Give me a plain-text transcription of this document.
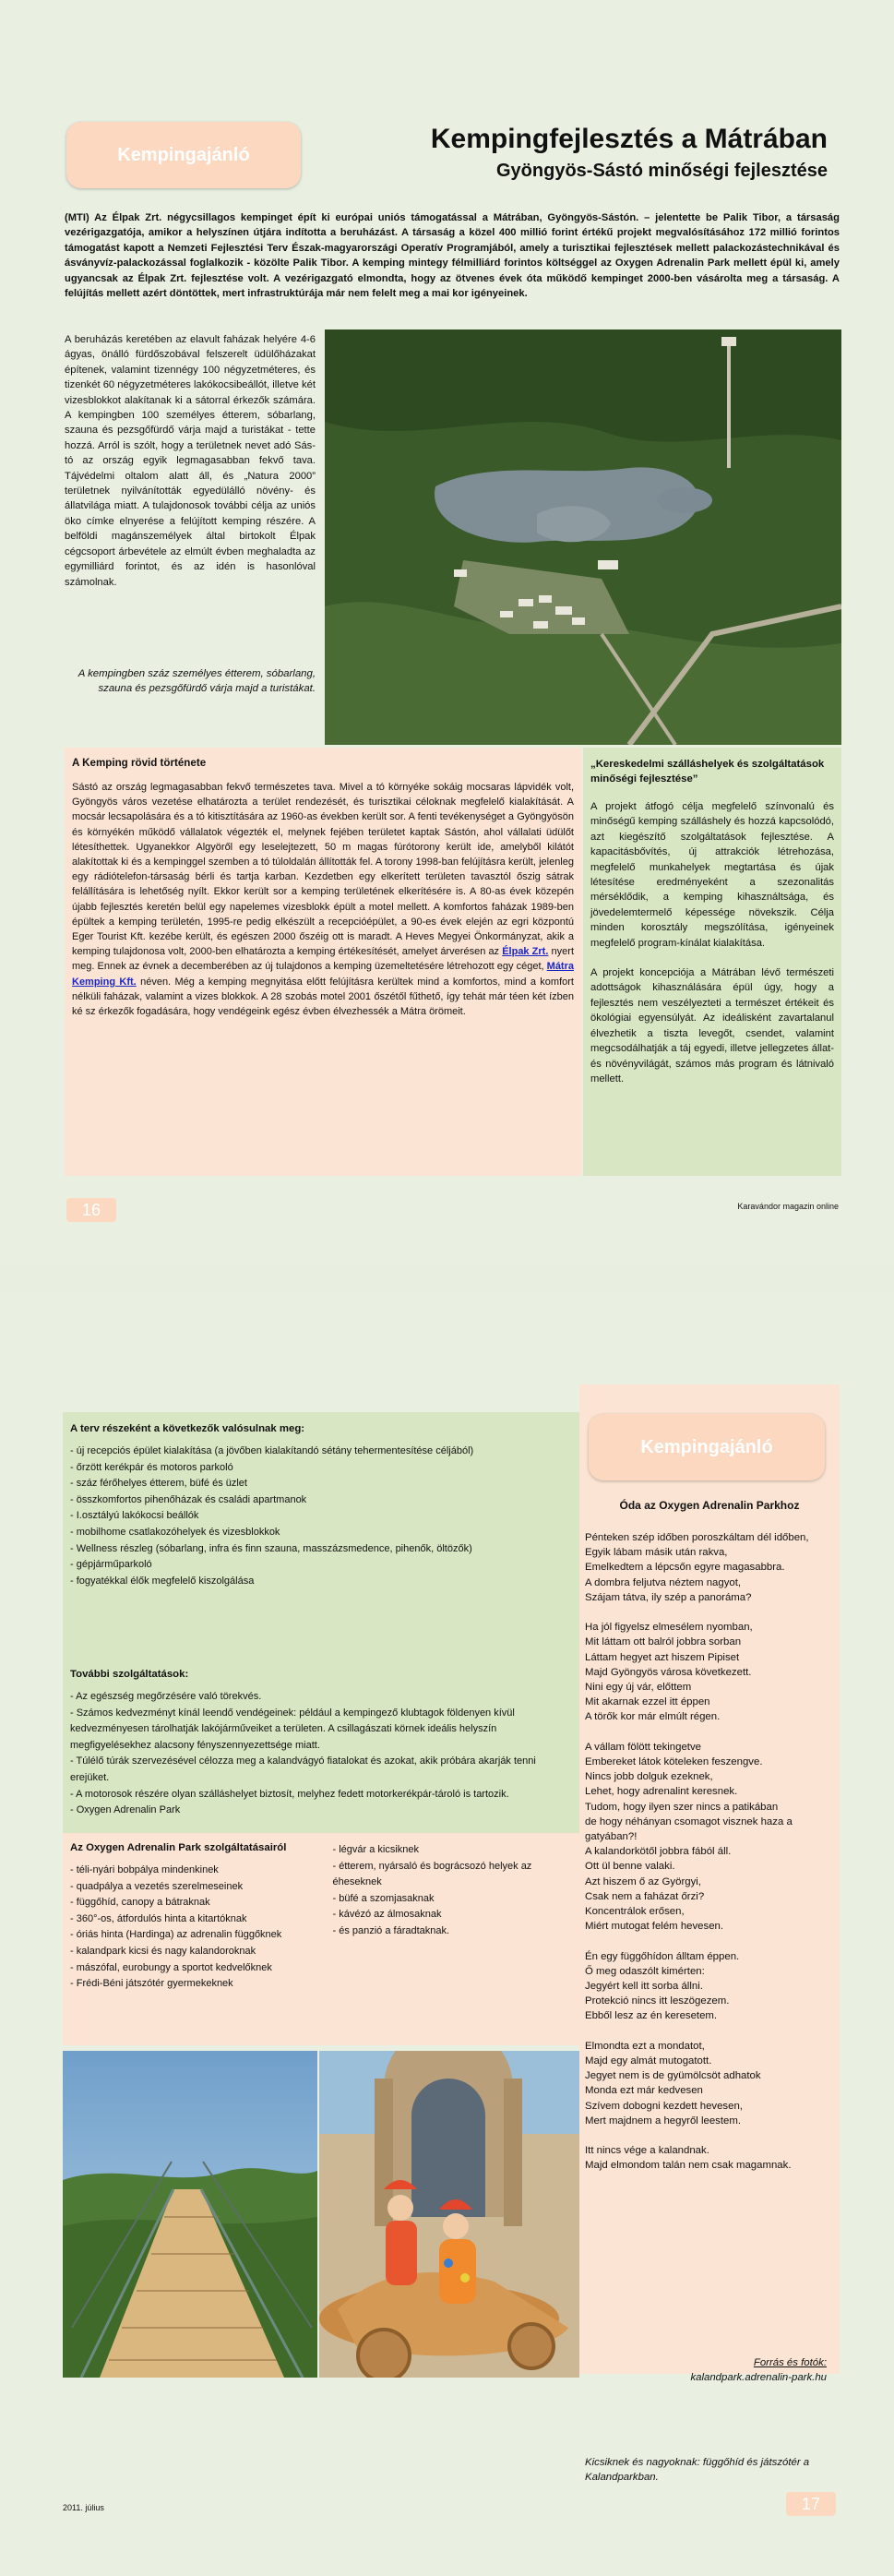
Kempingajánló
Kempingfejlesztés a Mátrában
Gyöngyös-Sástó minőségi fejlesztése

(MTI) Az Élpak Zrt. négycsillagos kempinget épít ki európai uniós támogatással a Mátrában, Gyöngyös-Sástón. – jelentette be Palik Tibor, a társaság vezérigazgatója, amikor a helyszínen útjára indította a beruházást. A társaság a közel 400 millió forint értékű projekt megvalósításához 172 millió forintos támogatást kapott a Nemzeti Fejlesztési Terv Észak-magyarországi Operatív Programjából, amely a turisztikai fejlesztések mellett palackozástechnikával és ásványvíz-palackozással foglalkozik - közölte Palik Tibor. A kemping mintegy félmilliárd forintos költséggel az Oxygen Adrenalin Park mellett épül ki, amely ugyancsak az Élpak Zrt. fejlesztése volt. A vezérigazgató elmondta, hogy az ötvenes évek óta működő kempinget 2000-ben vásárolta meg a társaság. A felújítás mellett azért döntöttek, mert infrastruktúrája már nem felelt meg a mai kor igényeinek.

A beruházás keretében az elavult faházak helyére 4-6 ágyas, önálló fürdőszobával felszerelt üdülőházakat építenek, valamint tizennégy 100 négyzetméteres, és tizenkét 60 négyzetméteres lakókocsibeállót, illetve két vizesblokkot alakítanak ki a sátorral érkezők számára. A kempingben 100 személyes étterem, sóbarlang, szauna és pezsgőfürdő várja majd a turistákat - tette hozzá. Arról is szólt, hogy a területnek nevet adó Sás-tó az ország egyik legmagasabban fekvő tava. Tájvédelmi oltalom alatt áll, és „Natura 2000” területnek nyilvánították egyedülálló növény- és állatvilága miatt. A tulajdonosok további célja az uniós öko címke elnyerése a felújított kemping részére. A belföldi magánszemélyek által birtokolt Élpak cégcsoport árbevétele az elmúlt évben meghaladta az egymilliárd forintot, és az idén is hasonlóval számolnak.
A kempingben száz személyes étterem, sóbarlang, szauna és pezsgőfürdő várja majd a turistákat.
A Kemping rövid története

Sástó az ország legmagasabban fekvő természetes tava. Mivel a tó környéke sokáig mocsaras lápvidék volt, Gyöngyös város vezetése elhatározta a terület rendezését, és turisztikai céloknak megfelelő kialakítását. A mocsár lecsapolására és a tó kitisztítására az 1960-as években került sor. A fenti tevékenységet a Gyöngyösön és környékén működő vállalatok végezték el, melynek fejében területet kaptak Sástón, ahol vállalati üdülőt létesíthettek. Ugyanekkor Algyöről egy leselejtezett, 50 m magas fúrótorony került ide, amelyből kilátót alakítottak ki és a kempinggel szemben a tó túloldalán állították fel. A torony 1998-ban felújításra került, jelenleg egy rádiótelefon-társaság bérli és tartja karban. Kezdetben egy elkerített területen tavasztól őszig sátrak felállítására is lehetőség nyílt. Ekkor került sor a kemping területének elkerítésére is. A 80-as évek közepén újabb fejlesztés keretén belül egy napelemes vizesblokk épült a motel mellett. A komfortos faházak 1989-ben épültek a kemping területén, 1995-re pedig elkészült a recepcióépület, a 90-es évek elején az egri központú Eger Tourist Kft. kezébe került, és egészen 2000 őszéig ott is maradt. A Heves Megyei Önkormányzat, akik a kemping tulajdonosa volt, 2000-ben elhatározta a kemping értékesítését, amelyet árverésen az Élpak Zrt. nyert meg. Ennek az évnek a decemberében az új tulajdonos a kemping üzemeltetésére létrehozott egy céget, Mátra Kemping Kft. néven. Még a kemping megnyitása előtt felújításra kerültek mind a komfortos, mind a komfort nélküli faházak, valamint a vizes blokkok. A 28 szobás motel 2001 őszétől fűthető, így tehát már téen két ízben ké sz érkezők fogadására, hogy vendégeink egész évben élvezhessék a Mátra örömeit.

„Kereskedelmi szálláshelyek és szolgáltatások minőségi fejlesztése”

A projekt átfogó célja megfelelő színvonalú és minőségű kemping szálláshely és hozzá kapcsolódó, azt kiegészítő szolgáltatások fejlesztése. A kapacitásbővítés, új attrakciók létrehozása, megfelelő munkahelyek megtartása és újak létesítése eredményeként a szezonalitás mérséklődik, a kemping kihasználtsága, és jövedelemtermelő képessége növekszik. Célja minden korosztály megszólítása, igényeinek megfelelő program-kínálat kialakítása.

A projekt koncepciója a Mátrában lévő természeti adottságok kihasználására épül úgy, hogy a fejlesztés nem veszélyezteti a természet értékeit és ökológiai egyensúlyát. Az ideálisként zavartalanul élvezhetik a tiszta levegőt, csendet, valamint megcsodálhatják a táj egyedi, illetve jellegzetes állat- és növényvilágát, számos más program és látnivaló mellett.

16	Karavándor magazin online
Kempingajánló
Óda az Oxygen Adrenalin Parkhoz
Pénteken szép időben poroszkáltam dél időben,
Egyik lábam másik után rakva,
Emelkedtem a lépcsőn egyre magasabbra.
A dombra feljutva néztem nagyot,
Szájam tátva, ily szép a panoráma?
Ha jól figyelsz elmesélem nyomban,
Mit láttam ott balról jobbra sorban
Láttam hegyet azt hiszem Pipiset
Majd Gyöngyös városa következett.
Nini egy új vár, előttem
Mit akarnak ezzel itt éppen
A törők kor már elmúlt régen.
A vállam fölött tekingetve
Embereket látok köteleken feszengve.
Nincs jobb dolguk ezeknek,
Lehet, hogy adrenalint keresnek.
Tudom, hogy ilyen szer nincs a patikában
de hogy néhányan csomagot visznek haza a gatyában?!
A kalandorkötől jobbra fából áll.
Ott ül benne valaki.
Azt hiszem ő az Györgyi,
Csak nem a faházat őrzi?
Koncentrálok erősen,
Miért mutogat felém hevesen.
Én egy függőhídon álltam éppen.
Ő meg odaszólt kimérten:
Jegyért kell itt sorba állni.
Protekció nincs itt leszögezem.
Ebből lesz az én keresetem.
Elmondta ezt a mondatot,
Majd egy almát mutogatott.
Jegyet nem is de gyümölcsöt adhatok
Monda ezt már kedvesen
Szívem dobogni kezdett hevesen,
Mert majdnem a hegyről leestem.
Itt nincs vége a kalandnak.
Majd elmondom talán nem csak magamnak.
Forrás és fotók:
kalandpark.adrenalin-park.hu
Kicsiknek és nagyoknak: függőhíd és játszótér a Kalandparkban.
A terv részeként a következők valósulnak meg:
- új recepciós épület kialakítása (a jövőben kialakítandó sétány tehermentesítése céljából)
- őrzött kerékpár és motoros parkoló
- száz férőhelyes étterem, büfé és üzlet
- összkomfortos pihenőházak és családi apartmanok
- I.osztályú lakókocsi beállók
- mobilhome csatlakozóhelyek és vizesblokkok
- Wellness részleg (sóbarlang, infra és finn szauna, masszázsmedence, pihenők, öltözők)
- gépjárműparkoló
- fogyatékkal élők megfelelő kiszolgálása
További szolgáltatások:
- Az egészség megőrzésére való törekvés.
- Számos kedvezményt kínál leendő vendégeinek: például a kempingező klubtagok földenyen kívül kedvezményesen tárolhatják lakójárműveiket a területen. A csillagászati körnek ideális helyszín megfigyelésekhez alacsony fényszennyezettsége miatt.
- Túlélő túrák szervezésével célozza meg a kalandvágyó fiatalokat és azokat, akik próbára akarják tenni erejüket.
- A motorosok részére olyan szálláshelyet biztosít, melyhez fedett motorkerékpár-tároló is tartozik.
- Oxygen Adrenalin Park
Az Oxygen Adrenalin Park szolgáltatásairól
- téli-nyári bobpálya mindenkinek
- quadpálya a vezetés szerelmeseinek
- függőhíd, canopy a bátraknak
- 360°-os, átfordulós hinta a kitartóknak
- óriás hinta (Hardinga) az adrenalin függőknek
- kalandpark kicsi és nagy kalandoroknak
- mászófal, eurobungy a sportot kedvelőknek
- Frédi-Béni játszótér gyermekeknek
- légvár a kicsiknek
- étterem, nyársaló és bográcsozó helyek az éheseknek
- büfé a szomjasaknak
- kávézó az álmosaknak
- és panzió a fáradtaknak.
2011. július	17
